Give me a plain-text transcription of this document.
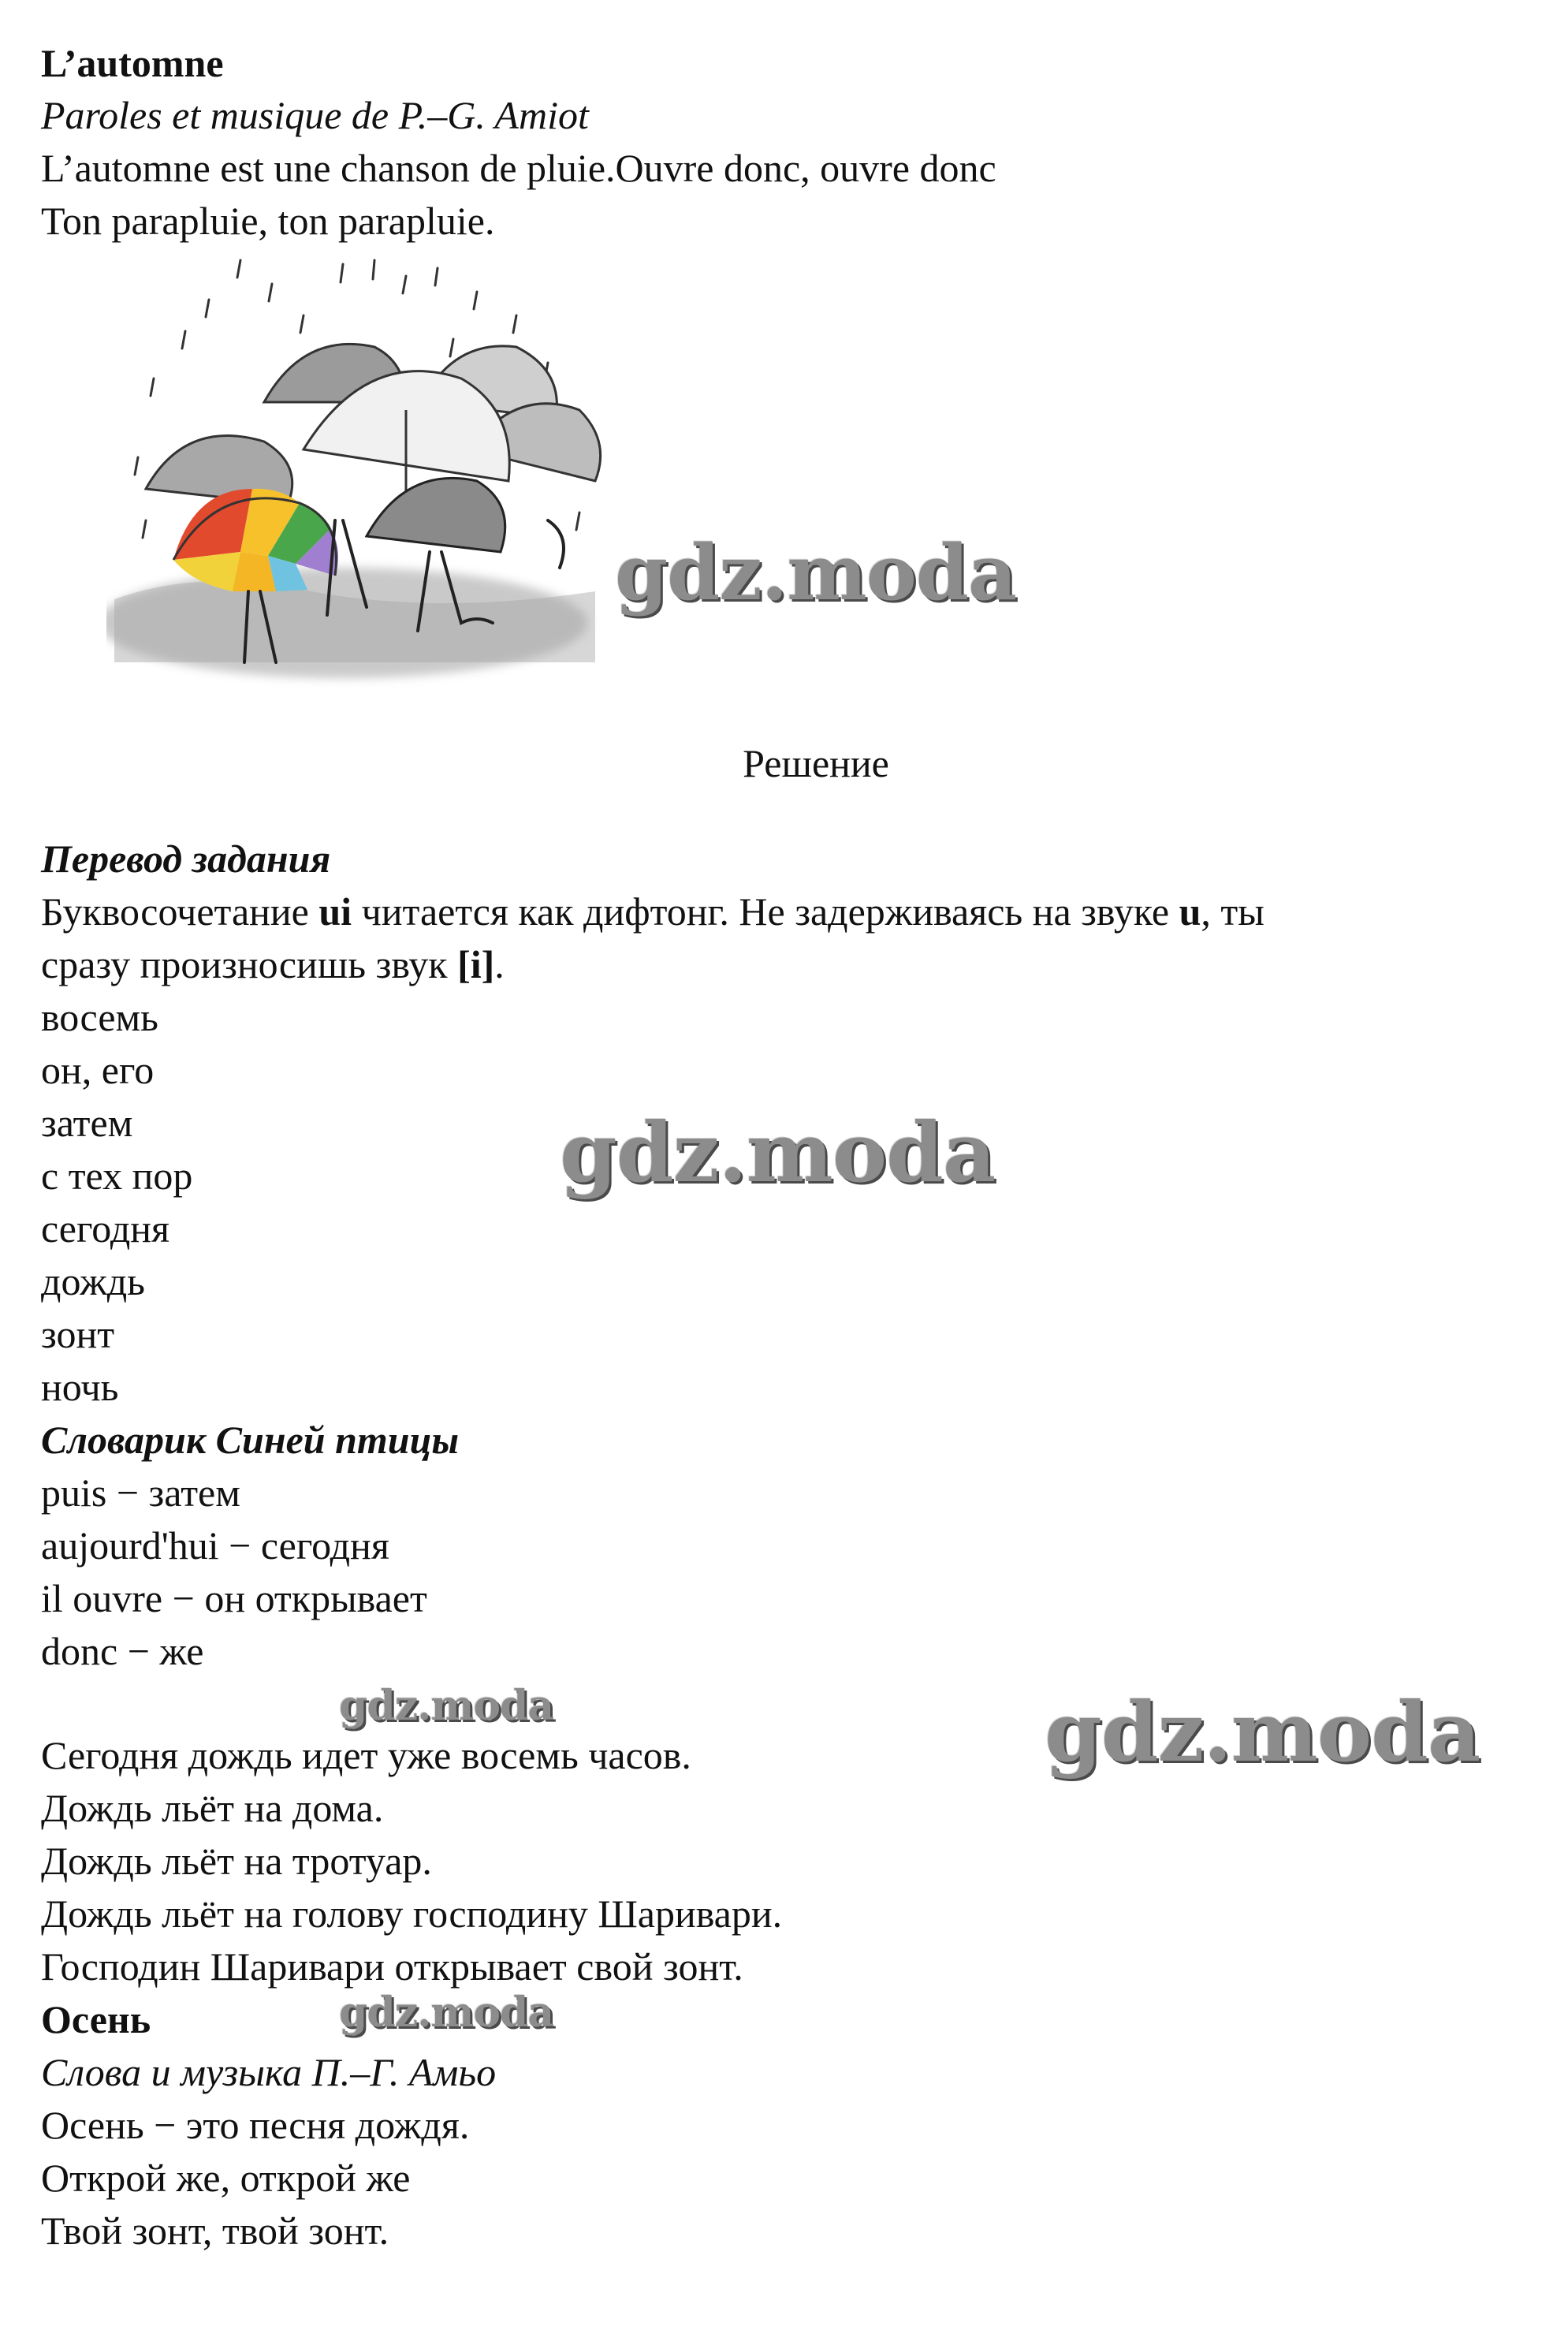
L’automne
Paroles et musique de P.–G. Amiot
L’automne est une chanson de pluie.Ouvre donc, ouvre donc
Ton parapluie, ton parapluie.
gdz.moda
gdz.moda
gdz.moda	gdz.moda
gdz.moda
Решение
Перевод задания
Буквосочетание ui читается как дифтонг. Не задерживаясь на звуке u, ты
сразу произносишь звук [i].
восемь
он, его
затем
с тех пор
сегодня
дождь
зонт
ночь
Словарик Синей птицы
puis − затем
aujourd'hui − сегодня
il ouvre − он открывает
donc − же
Сегодня дождь идет уже восемь часов.
Дождь льёт на дома.
Дождь льёт на тротуар.
Дождь льёт на голову господину Шаривари.
Господин Шаривари открывает свой зонт.
Осень
Слова и музыка П.–Г. Амьо
Осень − это песня дождя.
Открой же, открой же
Твой зонт, твой зонт.
